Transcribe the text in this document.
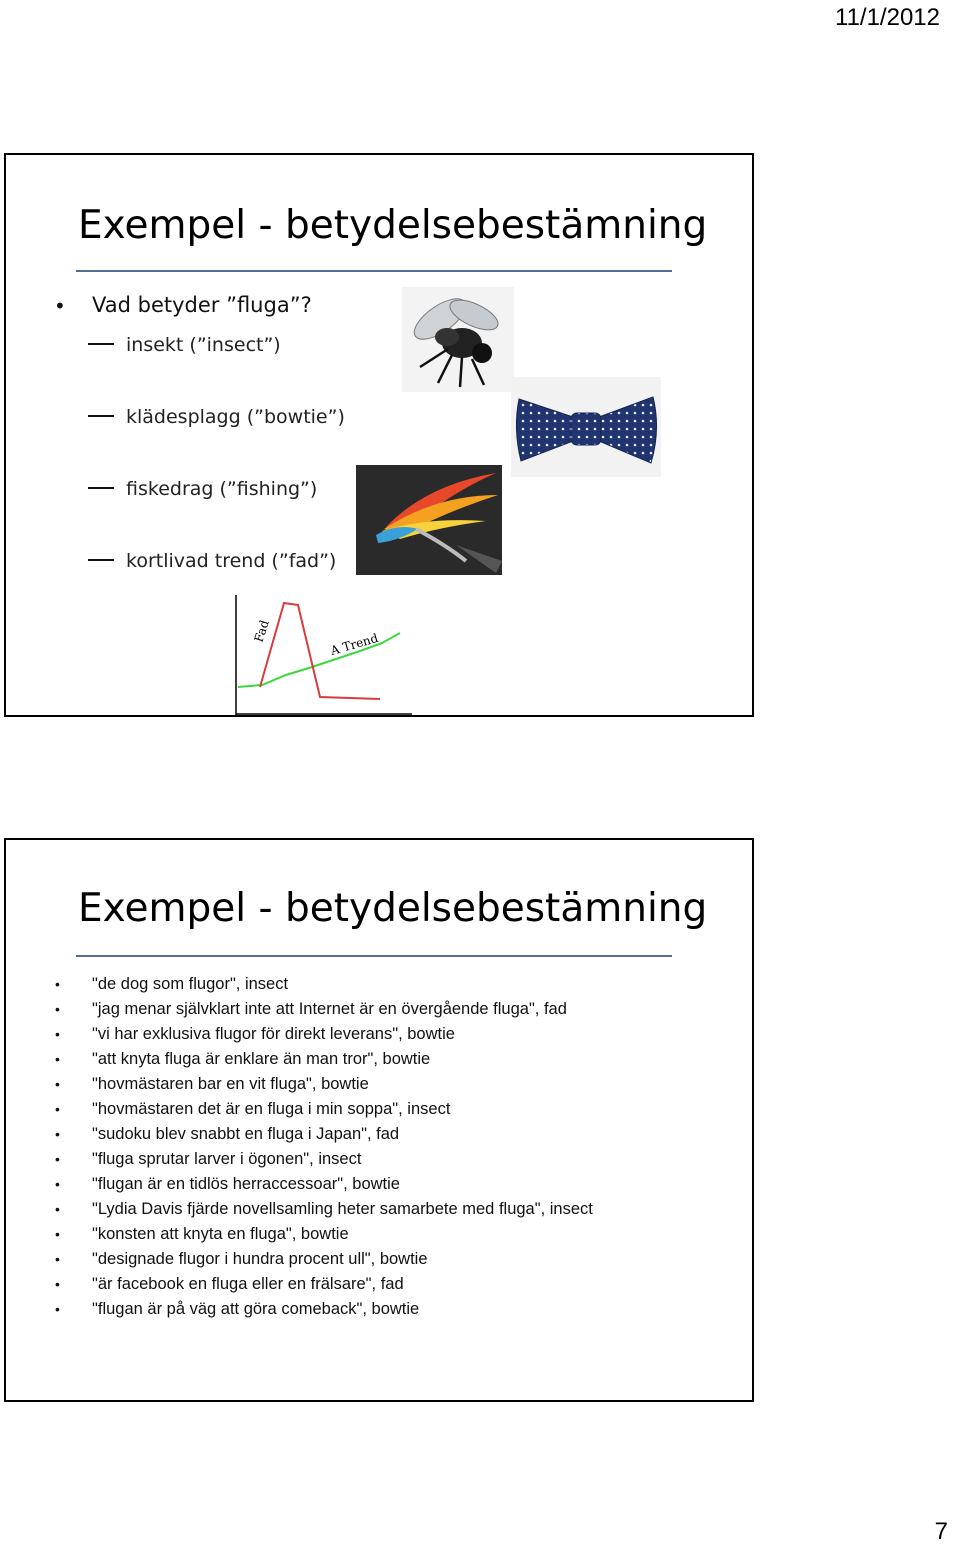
11/1/2012
Exempel - betydelsebestämning
• Vad betyder ”fluga”?
insekt (”insect”)
klädesplagg (”bowtie”)
fiskedrag (”fishing”)
kortlivad trend (”fad”)
Fad	A Trend
Exempel - betydelsebestämning
• "de dog som flugor", insect
• "jag menar självklart inte att Internet är en övergående fluga", fad
• "vi har exklusiva flugor för direkt leverans", bowtie
• "att knyta fluga är enklare än man tror", bowtie
• "hovmästaren bar en vit fluga", bowtie
• "hovmästaren det är en fluga i min soppa", insect
• "sudoku blev snabbt en fluga i Japan", fad
• "fluga sprutar larver i ögonen", insect
• "flugan är en tidlös herraccessoar", bowtie
• "Lydia Davis fjärde novellsamling heter samarbete med fluga", insect
• "konsten att knyta en fluga", bowtie
• "designade flugor i hundra procent ull", bowtie
• "är facebook en fluga eller en frälsare", fad
• "flugan är på väg att göra comeback", bowtie
7
